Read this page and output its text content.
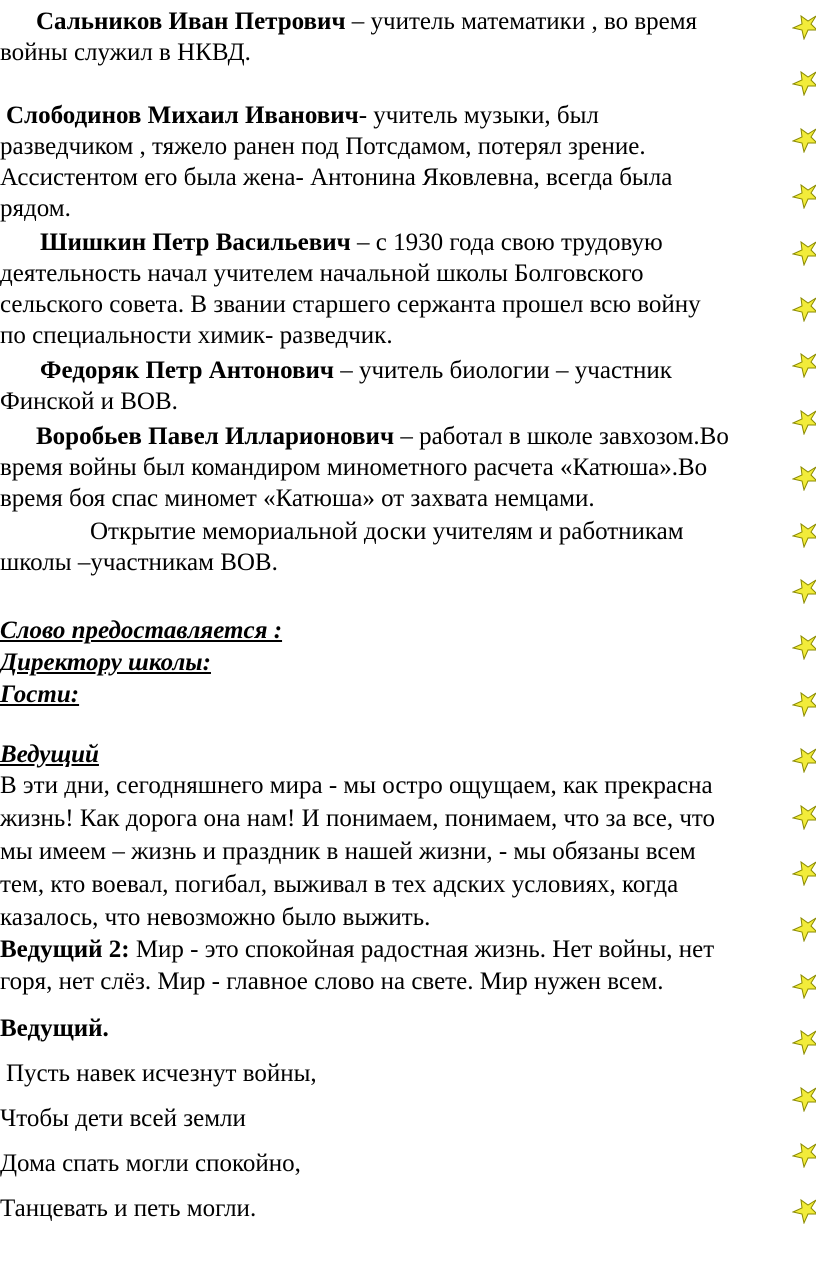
Сальников Иван Петрович – учитель математики , во время
войны служил в НКВД.
Слободинов Михаил Иванович- учитель музыки, был
разведчиком , тяжело ранен под Потсдамом, потерял зрение.
Ассистентом его была жена- Антонина Яковлевна, всегда была
рядом.
Шишкин Петр Васильевич – с 1930 года свою трудовую
деятельность начал учителем начальной школы Болговского
сельского совета. В звании старшего сержанта прошел всю войну
по специальности химик- разведчик.
Федоряк Петр Антонович – учитель биологии – участник
Финской и ВОВ.
Воробьев Павел Илларионович – работал в школе завхозом.Во
время войны был командиром минометного расчета «Катюша».Во
время боя спас миномет «Катюша» от захвата немцами.
Открытие мемориальной доски учителям и работникам
школы –участникам ВОВ.
Слово предоставляется :
Директору школы:
Гости:
Ведущий
В эти дни, сегодняшнего мира - мы остро ощущаем, как прекрасна
жизнь! Как дорога она нам! И понимаем, понимаем, что за все, что
мы имеем – жизнь и праздник в нашей жизни, - мы обязаны всем
тем, кто воевал, погибал, выживал в тех адских условиях, когда
казалось, что невозможно было выжить.
Ведущий 2: Мир - это спокойная радостная жизнь. Нет войны, нет
горя, нет слёз. Мир - главное слово на свете. Мир нужен всем.
Ведущий.
Пусть навек исчезнут войны,
Чтобы дети всей земли
Дома спать могли спокойно,
Танцевать и петь могли.
